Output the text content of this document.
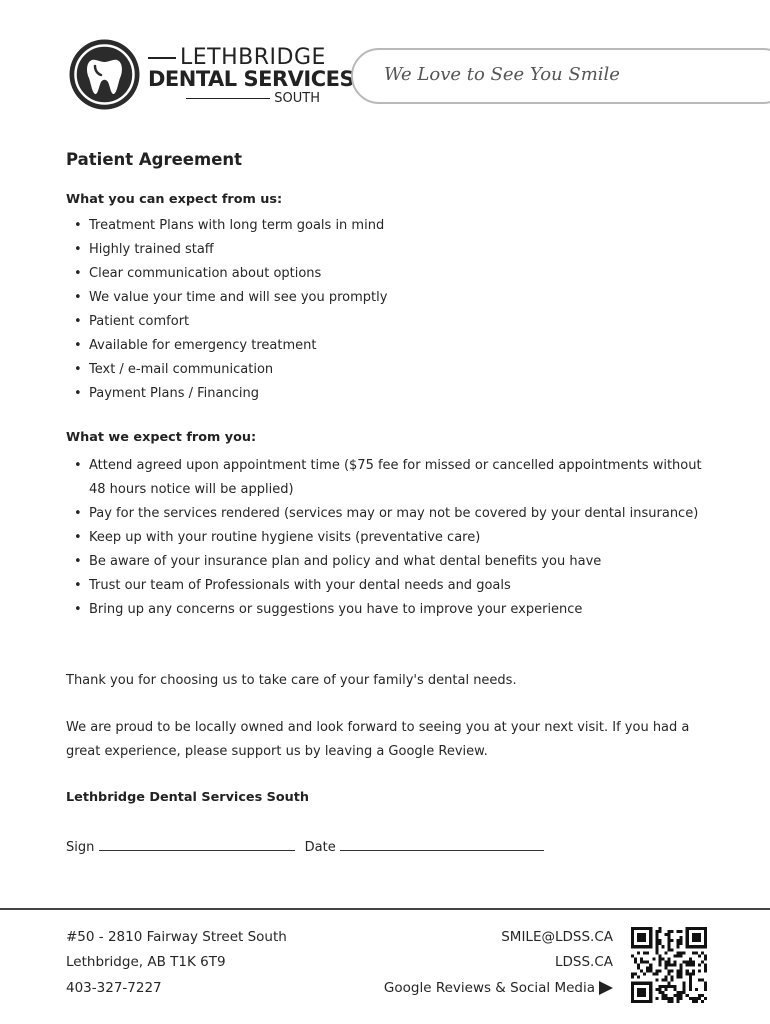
LETHBRIDGE
DENTAL SERVICES
SOUTH
We Love to See You Smile
Patient Agreement
What you can expect from us:
• Treatment Plans with long term goals in mind
• Highly trained staff
• Clear communication about options
• We value your time and will see you promptly
• Patient comfort
• Available for emergency treatment
• Text / e-mail communication
• Payment Plans / Financing
What we expect from you:
• Attend agreed upon appointment time ($75 fee for missed or cancelled appointments without 48 hours notice will be applied)
• Pay for the services rendered (services may or may not be covered by your dental insurance)
• Keep up with your routine hygiene visits (preventative care)
• Be aware of your insurance plan and policy and what dental benefits you have
• Trust our team of Professionals with your dental needs and goals
• Bring up any concerns or suggestions you have to improve your experience
Thank you for choosing us to take care of your family's dental needs.
We are proud to be locally owned and look forward to seeing you at your next visit. If you had a great experience, please support us by leaving a Google Review.
Lethbridge Dental Services South
Sign	Date
#50 - 2810 Fairway Street South
Lethbridge, AB T1K 6T9
403-327-7227
SMILE@LDSS.CA
LDSS.CA
Google Reviews & Social Media
